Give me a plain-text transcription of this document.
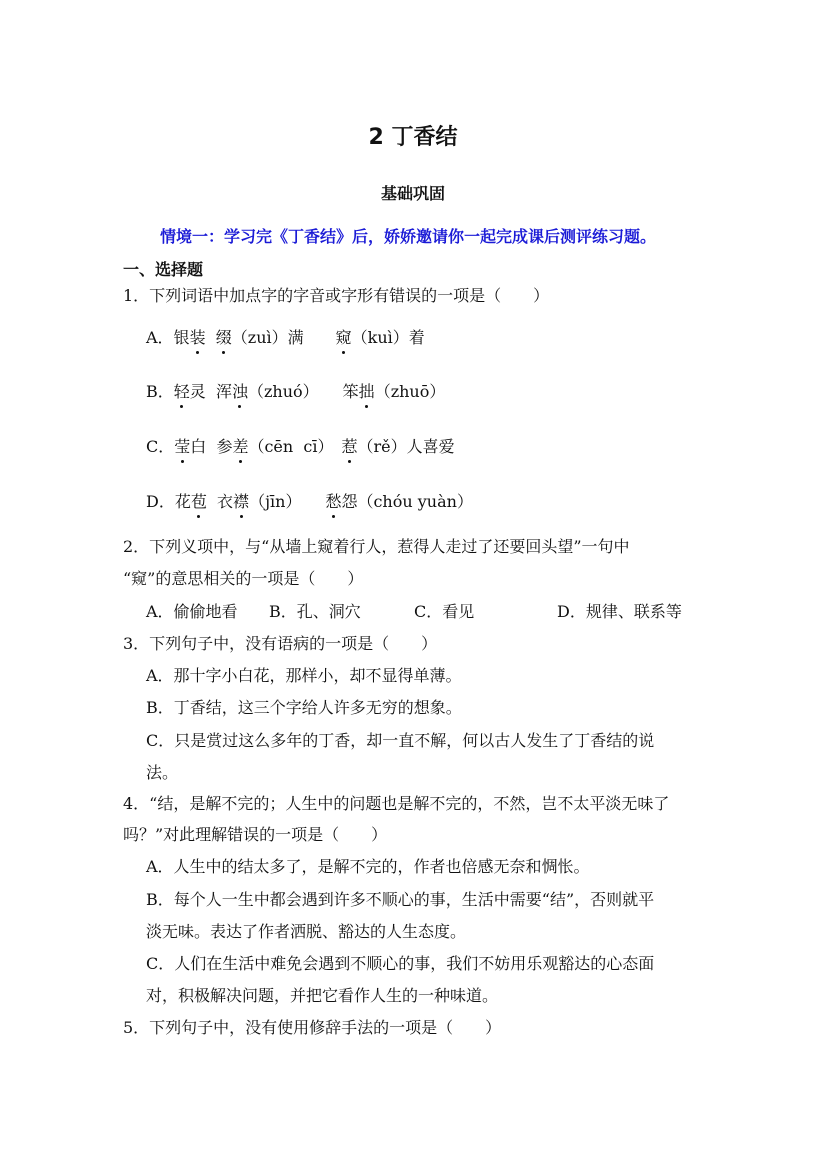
2 丁香结
基础巩固
情境一：学习完《丁香结》后，娇娇邀请你一起完成课后测评练习题。
一、选择题
1．下列词语中加点字的字音或字形有错误的一项是（　　）
A．银装 缀（zuì）满　　窥（kuì）着
B．轻灵  浑浊（zhuó）　　笨拙（zhuō）
C．莹白  参差（cēn  cī）　惹（rě）人喜爱
D．花苞  衣襟（jīn）　　愁怨（chóu yuàn）
2．下列义项中，与“从墙上窥着行人，惹得人走过了还要回头望”一句中
“窥”的意思相关的一项是（　　）
A．偷偷地看 B．孔、洞穴	C．看见	D．规律、联系等
3．下列句子中，没有语病的一项是（　　）
A．那十字小白花，那样小，却不显得单薄。
B．丁香结，这三个字给人许多无穷的想象。
C．只是赏过这么多年的丁香，却一直不解，何以古人发生了丁香结的说
法。
4．“结，是解不完的；人生中的问题也是解不完的，不然，岂不太平淡无味了
吗？”对此理解错误的一项是（　　）
A．人生中的结太多了，是解不完的，作者也倍感无奈和惆怅。
B．每个人一生中都会遇到许多不顺心的事，生活中需要“结”，否则就平
淡无味。表达了作者洒脱、豁达的人生态度。
C．人们在生活中难免会遇到不顺心的事，我们不妨用乐观豁达的心态面
对，积极解决问题，并把它看作人生的一种味道。
5．下列句子中，没有使用修辞手法的一项是（　　）
